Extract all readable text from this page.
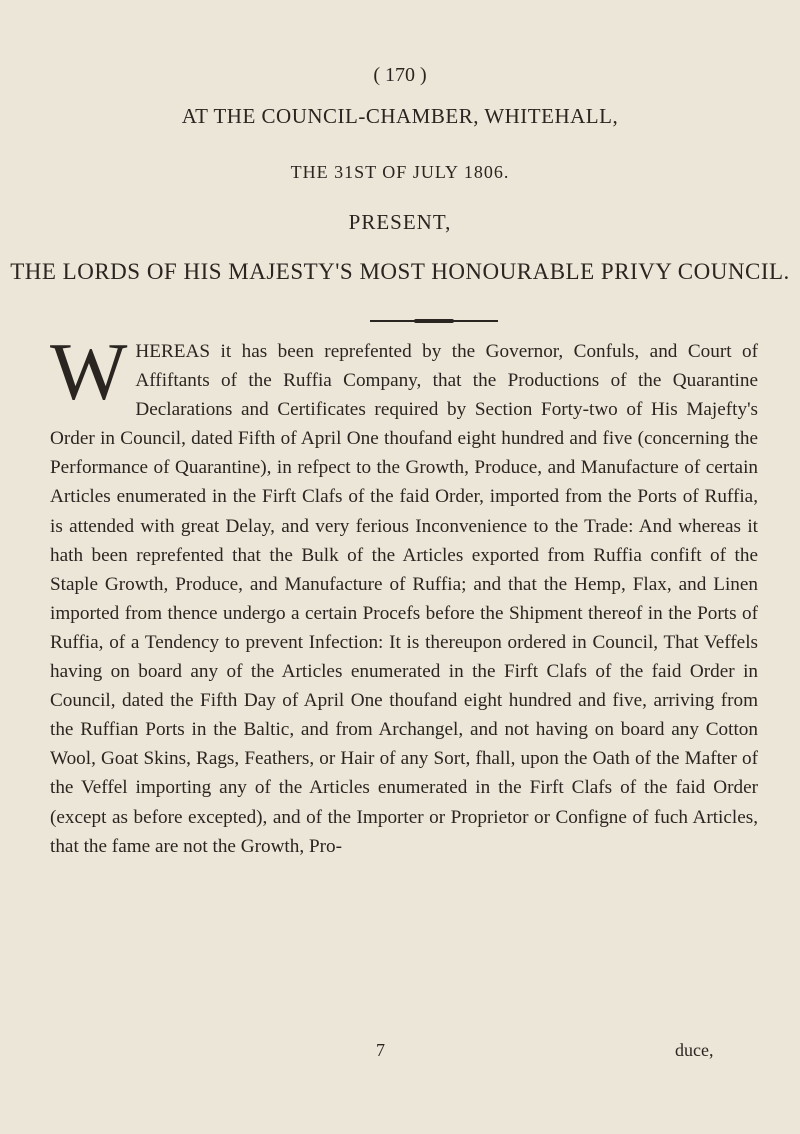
( 170 )
AT THE COUNCIL-CHAMBER, WHITEHALL,
THE 31ST OF JULY 1806.
PRESENT,
THE LORDS OF HIS MAJESTY'S MOST HONOURABLE PRIVY COUNCIL.
WHEREAS it has been reprefented by the Governor, Confuls, and Court of Affiftants of the Ruffia Company, that the Productions of the Quarantine Declarations and Certificates required by Section Forty-two of His Majefty's Order in Council, dated Fifth of April One thoufand eight hundred and five (concerning the Performance of Quarantine), in refpect to the Growth, Produce, and Manufacture of certain Articles enumerated in the Firft Clafs of the faid Order, imported from the Ports of Ruffia, is attended with great Delay, and very ferious Inconvenience to the Trade: And whereas it hath been reprefented that the Bulk of the Articles exported from Ruffia confift of the Staple Growth, Produce, and Manufacture of Ruffia; and that the Hemp, Flax, and Linen imported from thence undergo a certain Procefs before the Shipment thereof in the Ports of Ruffia, of a Tendency to prevent Infection: It is thereupon ordered in Council, That Veffels having on board any of the Articles enumerated in the Firft Clafs of the faid Order in Council, dated the Fifth Day of April One thoufand eight hundred and five, arriving from the Ruffian Ports in the Baltic, and from Archangel, and not having on board any Cotton Wool, Goat Skins, Rags, Feathers, or Hair of any Sort, fhall, upon the Oath of the Mafter of the Veffel importing any of the Articles enumerated in the Firft Clafs of the faid Order (except as before excepted), and of the Importer or Proprietor or Configne of fuch Articles, that the fame are not the Growth, Pro-
7	duce,
